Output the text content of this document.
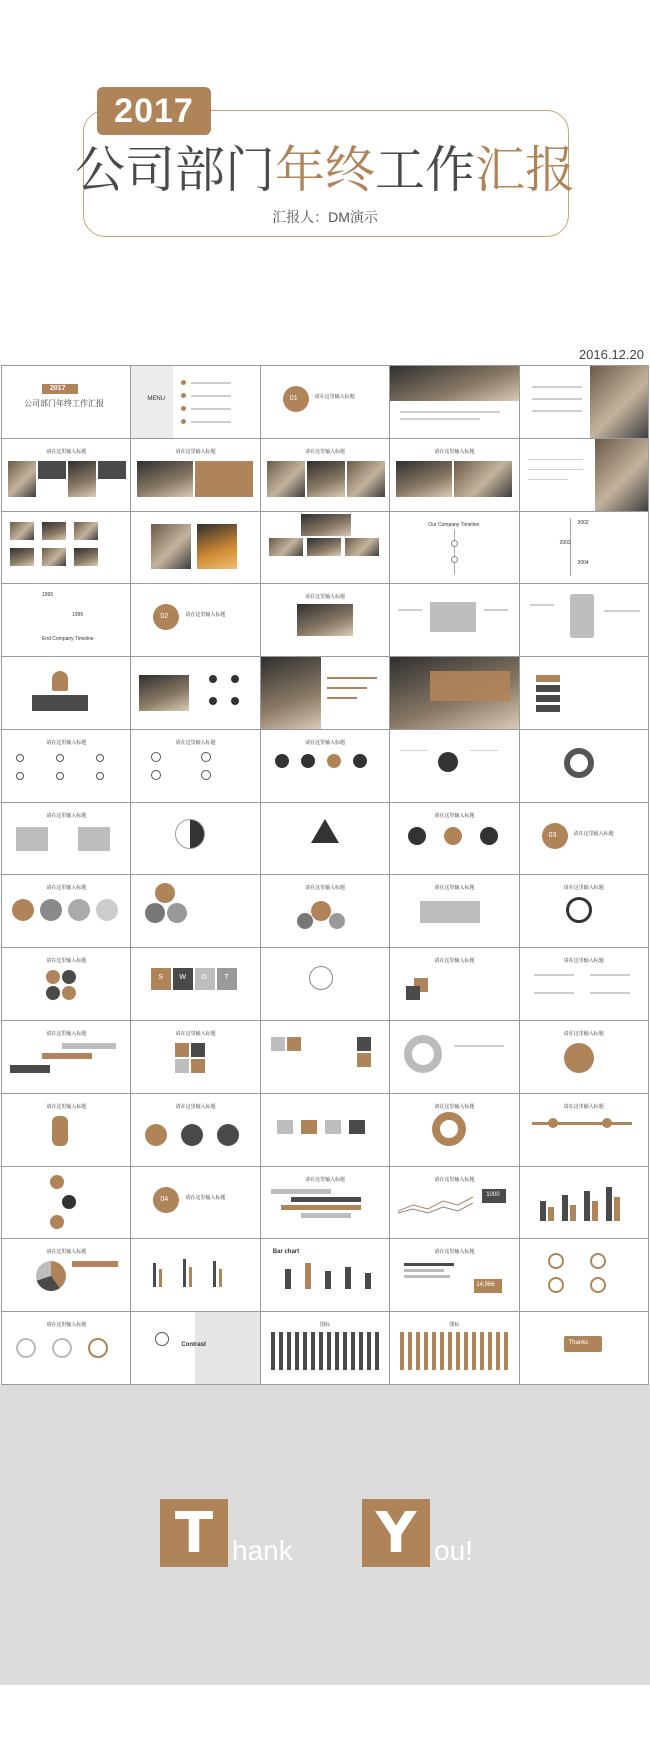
2017
公司部门年终工作汇报
汇报人：DM演示
2016.12.20
2017
公司部门年终工作汇报	MENU	01	请在这里输入标题
请在这里输入标题	请在这里输入标题	请在这里输入标题	请在这里输入标题
Our Company Timeline	2002
2003
2004
1995
1996
End Company Timeline
02	请在这里输入标题
请在这里输入标题
请在这里输入标题	请在这里输入标题	请在这里输入标题
请在这里输入标题	请在这里输入标题
03	请在这里输入标题
请在这里输入标题	请在这里输入标题	请在这里输入标题	请在这里输入标题
请在这里输入标题
S W O	T
请在这里输入标题	请在这里输入标题
请在这里输入标题	请在这里输入标题	请在这里输入标题
请在这里输入标题	请在这里输入标题	请在这里输入标题	请在这里输入标题
04	请在这里输入标题
请在这里输入标题	请在这里输入标题
1000
请在这里输入标题	Bar chart	请在这里输入标题
14,966
请在这里输入标题
Contrast
图标	图标
Thanks
T hank Y ou!
